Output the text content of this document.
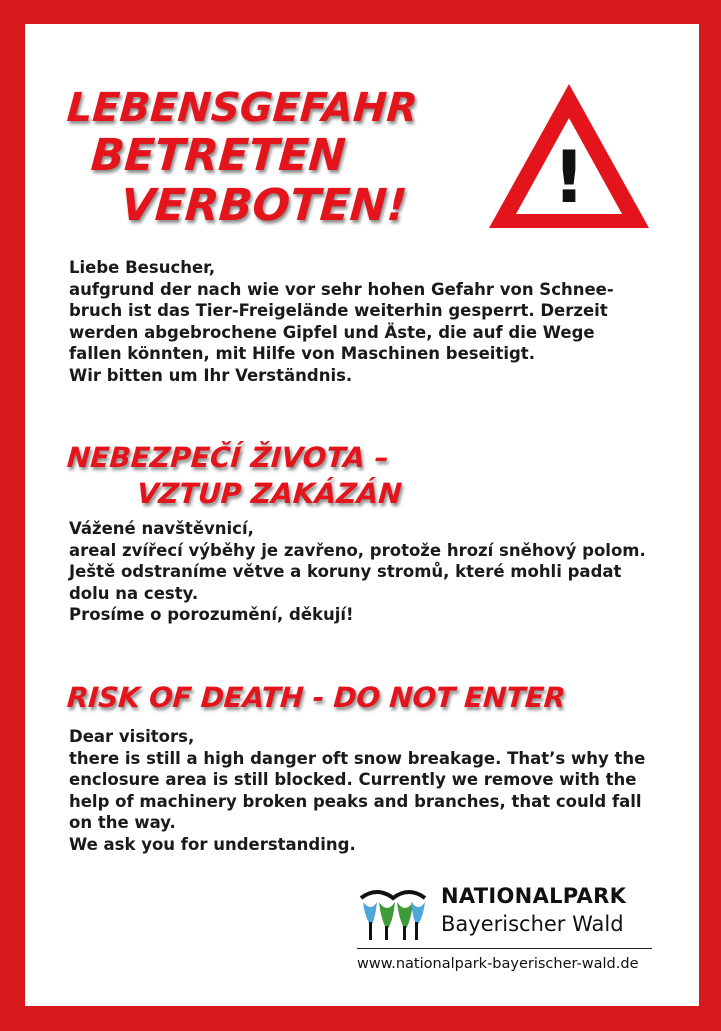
LEBENSGEFAHR

BETRETEN

VERBOTEN! !
Liebe Besucher,
aufgrund der nach wie vor sehr hohen Gefahr von Schnee-
bruch ist das Tier-Freigelände weiterhin gesperrt. Derzeit
werden abgebrochene Gipfel und Äste, die auf die Wege
fallen könnten, mit Hilfe von Maschinen beseitigt.
Wir bitten um Ihr Verständnis.

NEBEZPEČÍ ŽIVOTA –

VZTUP ZAKÁZÁN

Vážené navštěvnicí,
areal zvířecí výběhy je zavřeno, protože hrozí sněhový polom.
Ještě odstraníme větve a koruny stromů, které mohli padat
dolu na cesty.
Prosíme o porozumění, děkují!

RISK OF DEATH - DO NOT ENTER

Dear visitors,
there is still a high danger oft snow breakage. That’s why the
enclosure area is still blocked. Currently we remove with the
help of machinery broken peaks and branches, that could fall
on the way.
We ask you for understanding.
NATIONALPARK
Bayerischer Wald
www.nationalpark-bayerischer-wald.de
